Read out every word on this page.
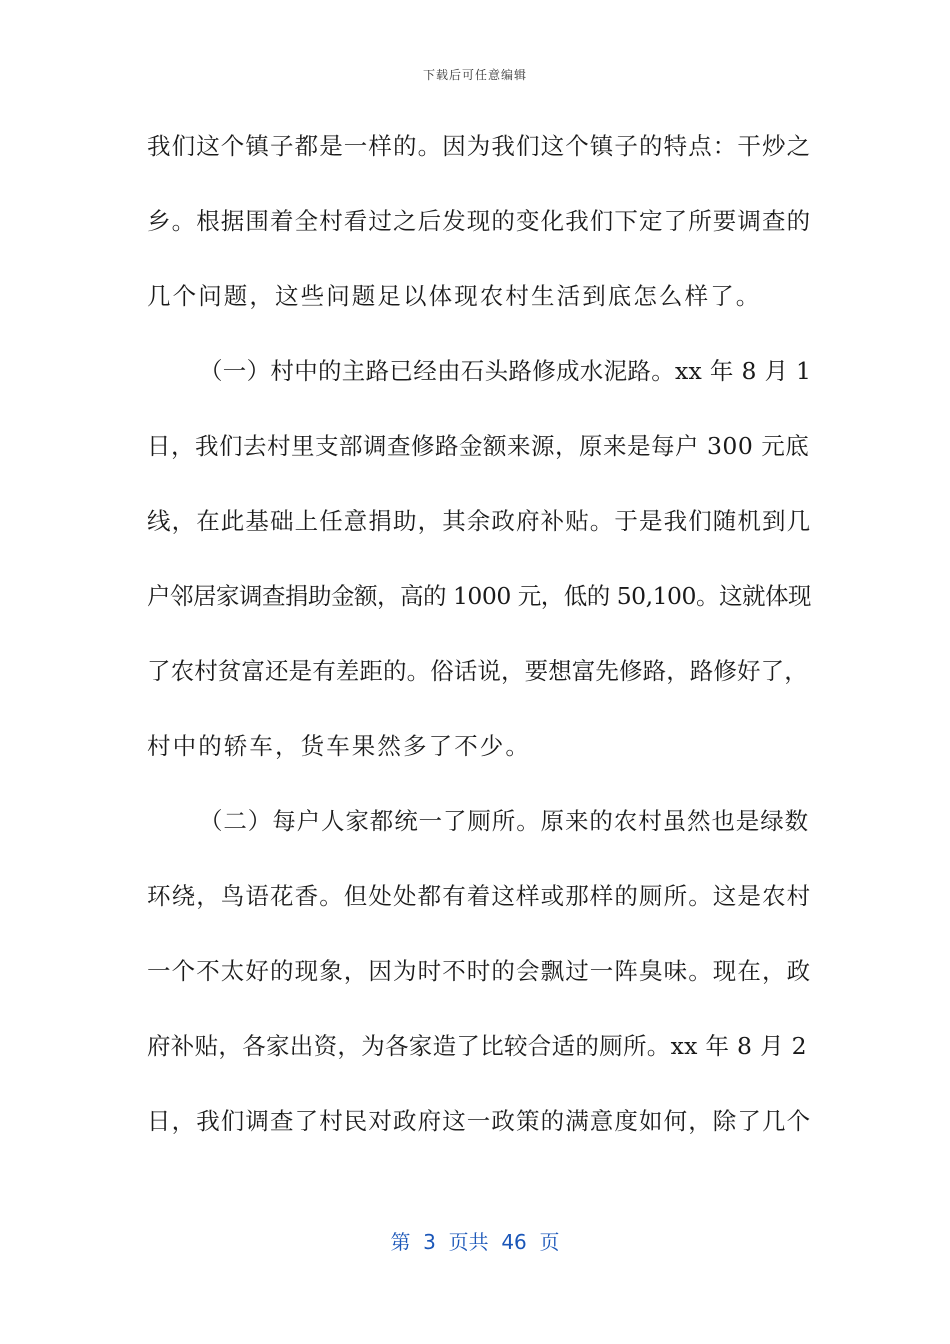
下载后可任意编辑
我们这个镇子都是一样的。因为我们这个镇子的特点：干炒之
乡。根据围着全村看过之后发现的变化我们下定了所要调查的
几个问题，这些问题足以体现农村生活到底怎么样了。
（一）村中的主路已经由石头路修成水泥路。xx 年 8 月 1
日，我们去村里支部调查修路金额来源，原来是每户 300 元底
线，在此基础上任意捐助，其余政府补贴。于是我们随机到几
户邻居家调查捐助金额，高的 1000 元，低的 50,100。这就体现
了农村贫富还是有差距的。俗话说，要想富先修路，路修好了，
村中的轿车，货车果然多了不少。
（二）每户人家都统一了厕所。原来的农村虽然也是绿数
环绕，鸟语花香。但处处都有着这样或那样的厕所。这是农村
一个不太好的现象，因为时不时的会飘过一阵臭味。现在，政
府补贴，各家出资，为各家造了比较合适的厕所。xx 年 8 月 2
日，我们调查了村民对政府这一政策的满意度如何，除了几个
第  3  页共  46  页
